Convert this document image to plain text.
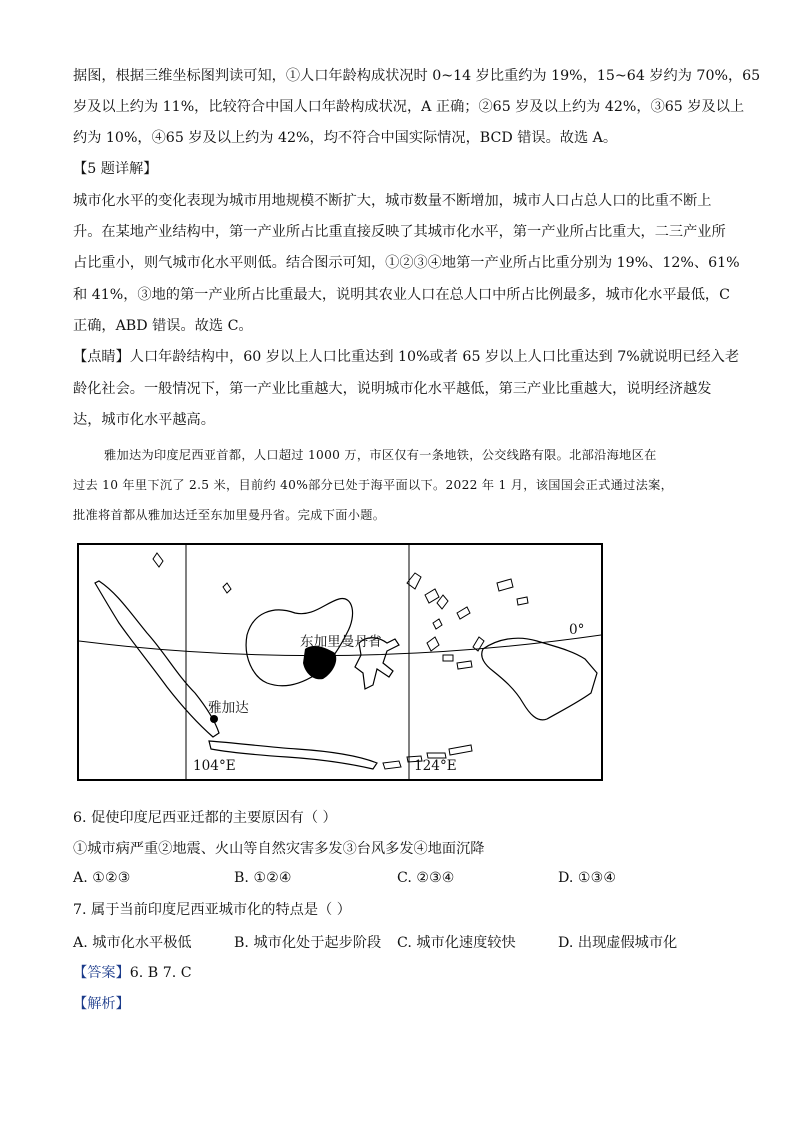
据图，根据三维坐标图判读可知，①人口年龄构成状况时 0~14 岁比重约为 19%，15~64 岁约为 70%，65
岁及以上约为 11%，比较符合中国人口年龄构成状况，A 正确；②65 岁及以上约为 42%，③65 岁及以上
约为 10%，④65 岁及以上约为 42%，均不符合中国实际情况，BCD 错误。故选 A。
【5 题详解】
城市化水平的变化表现为城市用地规模不断扩大，城市数量不断增加，城市人口占总人口的比重不断上
升。在某地产业结构中，第一产业所占比重直接反映了其城市化水平，第一产业所占比重大，二三产业所
占比重小，则气城市化水平则低。结合图示可知，①②③④地第一产业所占比重分别为 19%、12%、61%
和 41%，③地的第一产业所占比重最大，说明其农业人口在总人口中所占比例最多，城市化水平最低，C
正确，ABD 错误。故选 C。
【点睛】人口年龄结构中，60 岁以上人口比重达到 10%或者 65 岁以上人口比重达到 7%就说明已经入老
龄化社会。一般情况下，第一产业比重越大，说明城市化水平越低，第三产业比重越大，说明经济越发
达，城市化水平越高。
雅加达为印度尼西亚首都，人口超过 1000 万，市区仅有一条地铁，公交线路有限。北部沿海地区在
过去 10 年里下沉了 2.5 米，目前约 40%部分已处于海平面以下。2022 年 1 月，该国国会正式通过法案，
批准将首都从雅加达迁至东加里曼丹省。完成下面小题。
东加里曼丹省
雅加达
0°
104°E	124°E
6. 促使印度尼西亚迁都的主要原因有（ ）
①城市病严重②地震、火山等自然灾害多发③台风多发④地面沉降
A. ①②③	B. ①②④	C. ②③④	D. ①③④
7. 属于当前印度尼西亚城市化的特点是（ ）
A. 城市化水平极低	B. 城市化处于起步阶段 C. 城市化速度较快	D. 出现虚假城市化
【答案】6. B 7. C
【解析】
